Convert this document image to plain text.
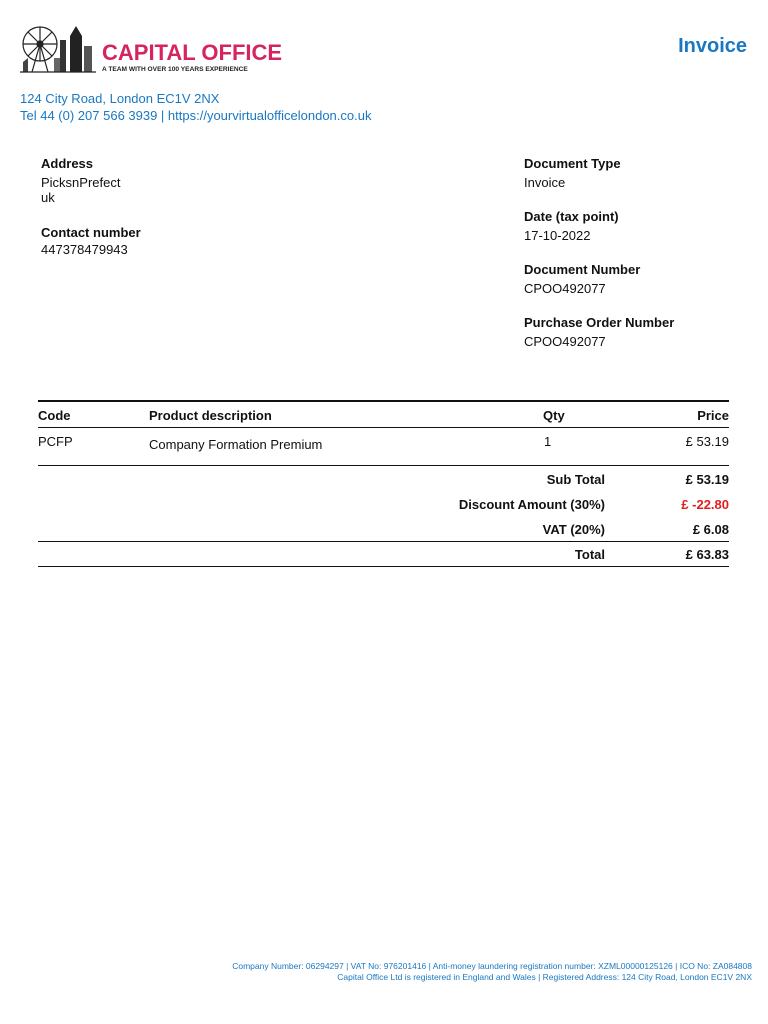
CAPITAL OFFICE
A TEAM WITH OVER 100 YEARS EXPERIENCE
Invoice
124 City Road, London EC1V 2NX
Tel 44 (0) 207 566 3939 | https://yourvirtualofficelondon.co.uk
Address
PicksnPrefect
uk
Contact number
447378479943
Document Type
Invoice
Date (tax point)
17-10-2022
Document Number
CPOO492077
Purchase Order Number
CPOO492077
Code	Product description	Qty	Price
PCFP	Company Formation Premium	1	£ 53.19
Sub Total	£ 53.19
Discount Amount (30%)	£ -22.80
VAT (20%)	£ 6.08
Total	£ 63.83
Company Number: 06294297 | VAT No: 976201416 | Anti-money laundering registration number: XZML00000125126 | ICO No: ZA084808
Capital Office Ltd is registered in England and Wales | Registered Address: 124 City Road, London EC1V 2NX
